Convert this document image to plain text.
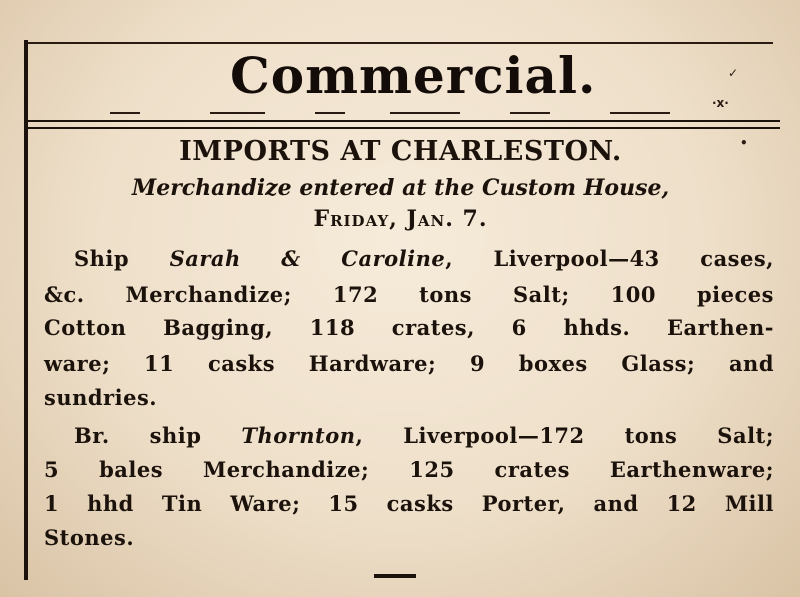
Commercial.	✓
·x·
•
IMPORTS AT CHARLESTON.
Merchandize entered at the Custom House,
Friday, Jan. 7.
Ship Sarah & Caroline, Liverpool—43 cases,
&c. Merchandize; 172 tons Salt; 100 pieces
Cotton Bagging, 118 crates, 6 hhds. Earthen-
ware; 11 casks Hardware; 9 boxes Glass; and
sundries.
Br. ship Thornton, Liverpool—172 tons Salt;
5 bales Merchandize; 125 crates Earthenware;
1 hhd Tin Ware; 15 casks Porter, and 12 Mill
Stones.
